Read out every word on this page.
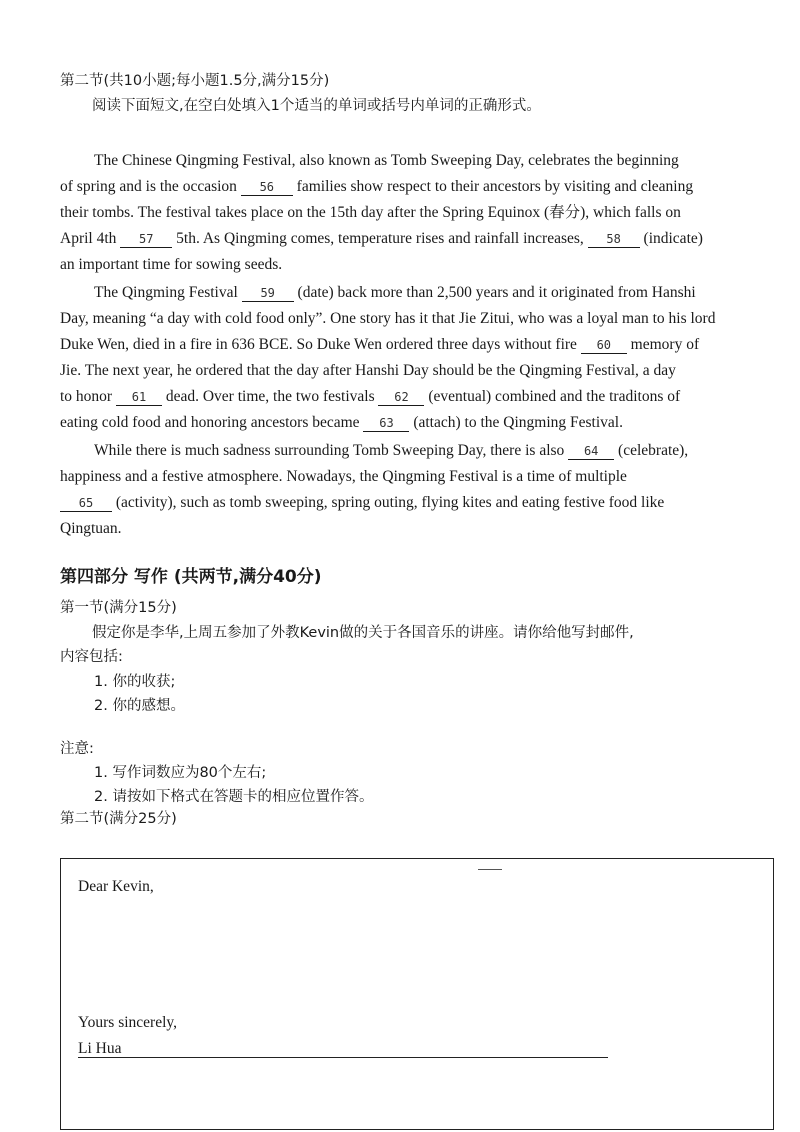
第二节(共10小题;每小题1.5分,满分15分)
阅读下面短文,在空白处填入1个适当的单词或括号内单词的正确形式。
The Chinese Qingming Festival, also known as Tomb Sweeping Day, celebrates the beginning
of spring and is the occasion 56 families show respect to their ancestors by visiting and cleaning
their tombs. The festival takes place on the 15th day after the Spring Equinox (春分), which falls on
April 4th 57 5th. As Qingming comes, temperature rises and rainfall increases, 58 (indicate)
an important time for sowing seeds.
The Qingming Festival 59 (date) back more than 2,500 years and it originated from Hanshi
Day, meaning “a day with cold food only”. One story has it that Jie Zitui, who was a loyal man to his lord
Duke Wen, died in a fire in 636 BCE. So Duke Wen ordered three days without fire 60 memory of
Jie. The next year, he ordered that the day after Hanshi Day should be the Qingming Festival, a day
to honor 61 dead. Over time, the two festivals 62 (eventual) combined and the traditons of
eating cold food and honoring ancestors became 63 (attach) to the Qingming Festival.
While there is much sadness surrounding Tomb Sweeping Day, there is also 64 (celebrate),
happiness and a festive atmosphere. Nowadays, the Qingming Festival is a time of multiple
65 (activity), such as tomb sweeping, spring outing, flying kites and eating festive food like
Qingtuan.
第四部分 写作 (共两节,满分40分)
第一节(满分15分)
假定你是李华,上周五参加了外教Kevin做的关于各国音乐的讲座。请你给他写封邮件,
内容包括:
1. 你的收获;
2. 你的感想。
注意:
1. 写作词数应为80个左右;
2. 请按如下格式在答题卡的相应位置作答。
第二节(满分25分)
Dear Kevin,
Yours sincerely,
Li Hua
